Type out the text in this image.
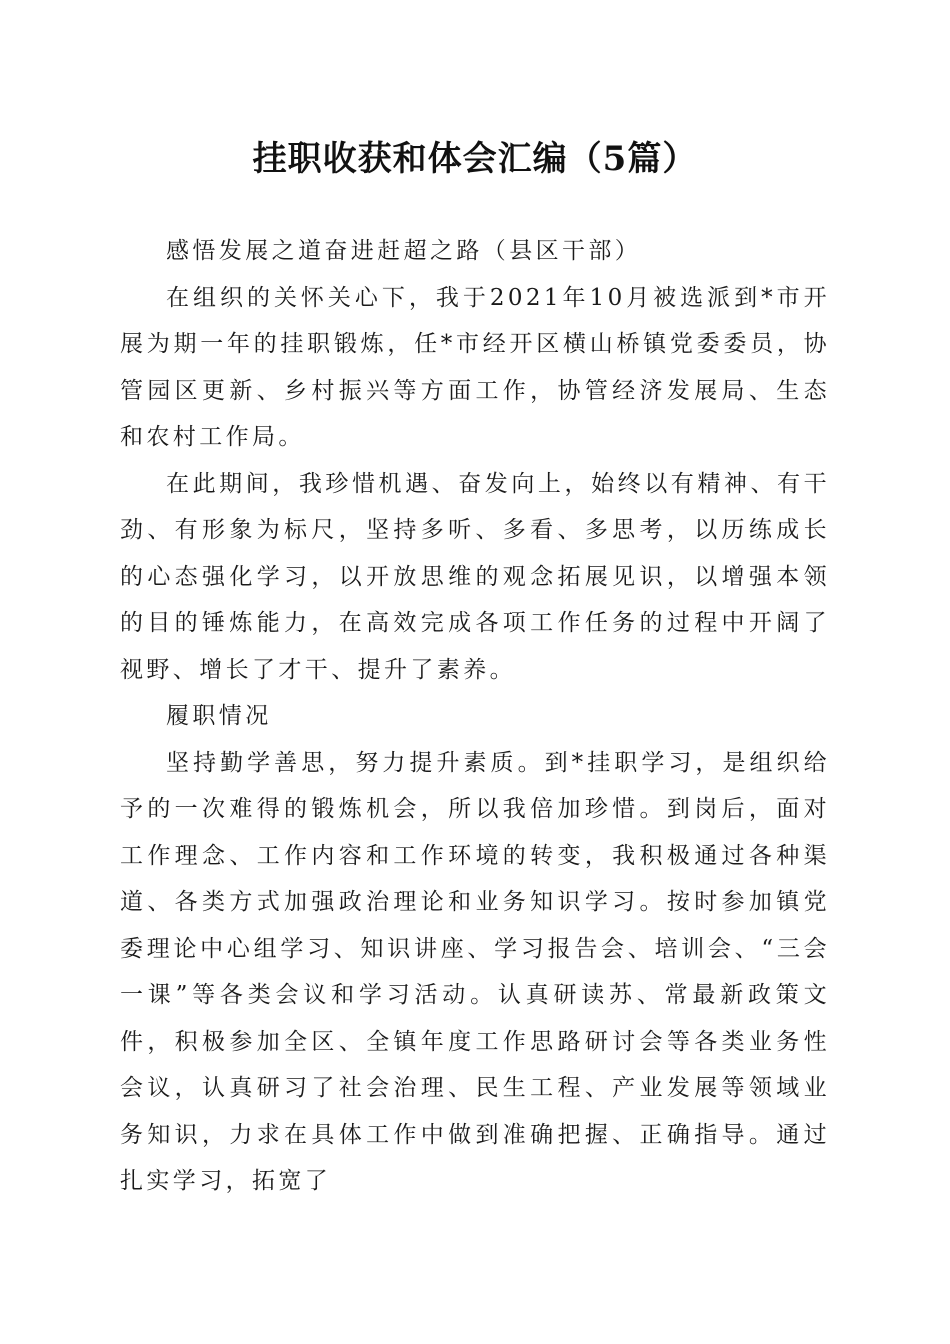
挂职收获和体会汇编（5篇）

感悟发展之道奋进赶超之路（县区干部）

在组织的关怀关心下，我于2021年10月被选派到*市开展为期一年的挂职锻炼，任*市经开区横山桥镇党委委员，协管园区更新、乡村振兴等方面工作，协管经济发展局、生态和农村工作局。

在此期间，我珍惜机遇、奋发向上，始终以有精神、有干劲、有形象为标尺，坚持多听、多看、多思考，以历练成长的心态强化学习，以开放思维的观念拓展见识，以增强本领的目的锤炼能力，在高效完成各项工作任务的过程中开阔了视野、增长了才干、提升了素养。

履职情况

坚持勤学善思，努力提升素质。到*挂职学习，是组织给予的一次难得的锻炼机会，所以我倍加珍惜。到岗后，面对工作理念、工作内容和工作环境的转变，我积极通过各种渠道、各类方式加强政治理论和业务知识学习。按时参加镇党委理论中心组学习、知识讲座、学习报告会、培训会、“三会一课”等各类会议和学习活动。认真研读苏、常最新政策文件，积极参加全区、全镇年度工作思路研讨会等各类业务性会议，认真研习了社会治理、民生工程、产业发展等领域业务知识，力求在具体工作中做到准确把握、正确指导。通过扎实学习，拓宽了
